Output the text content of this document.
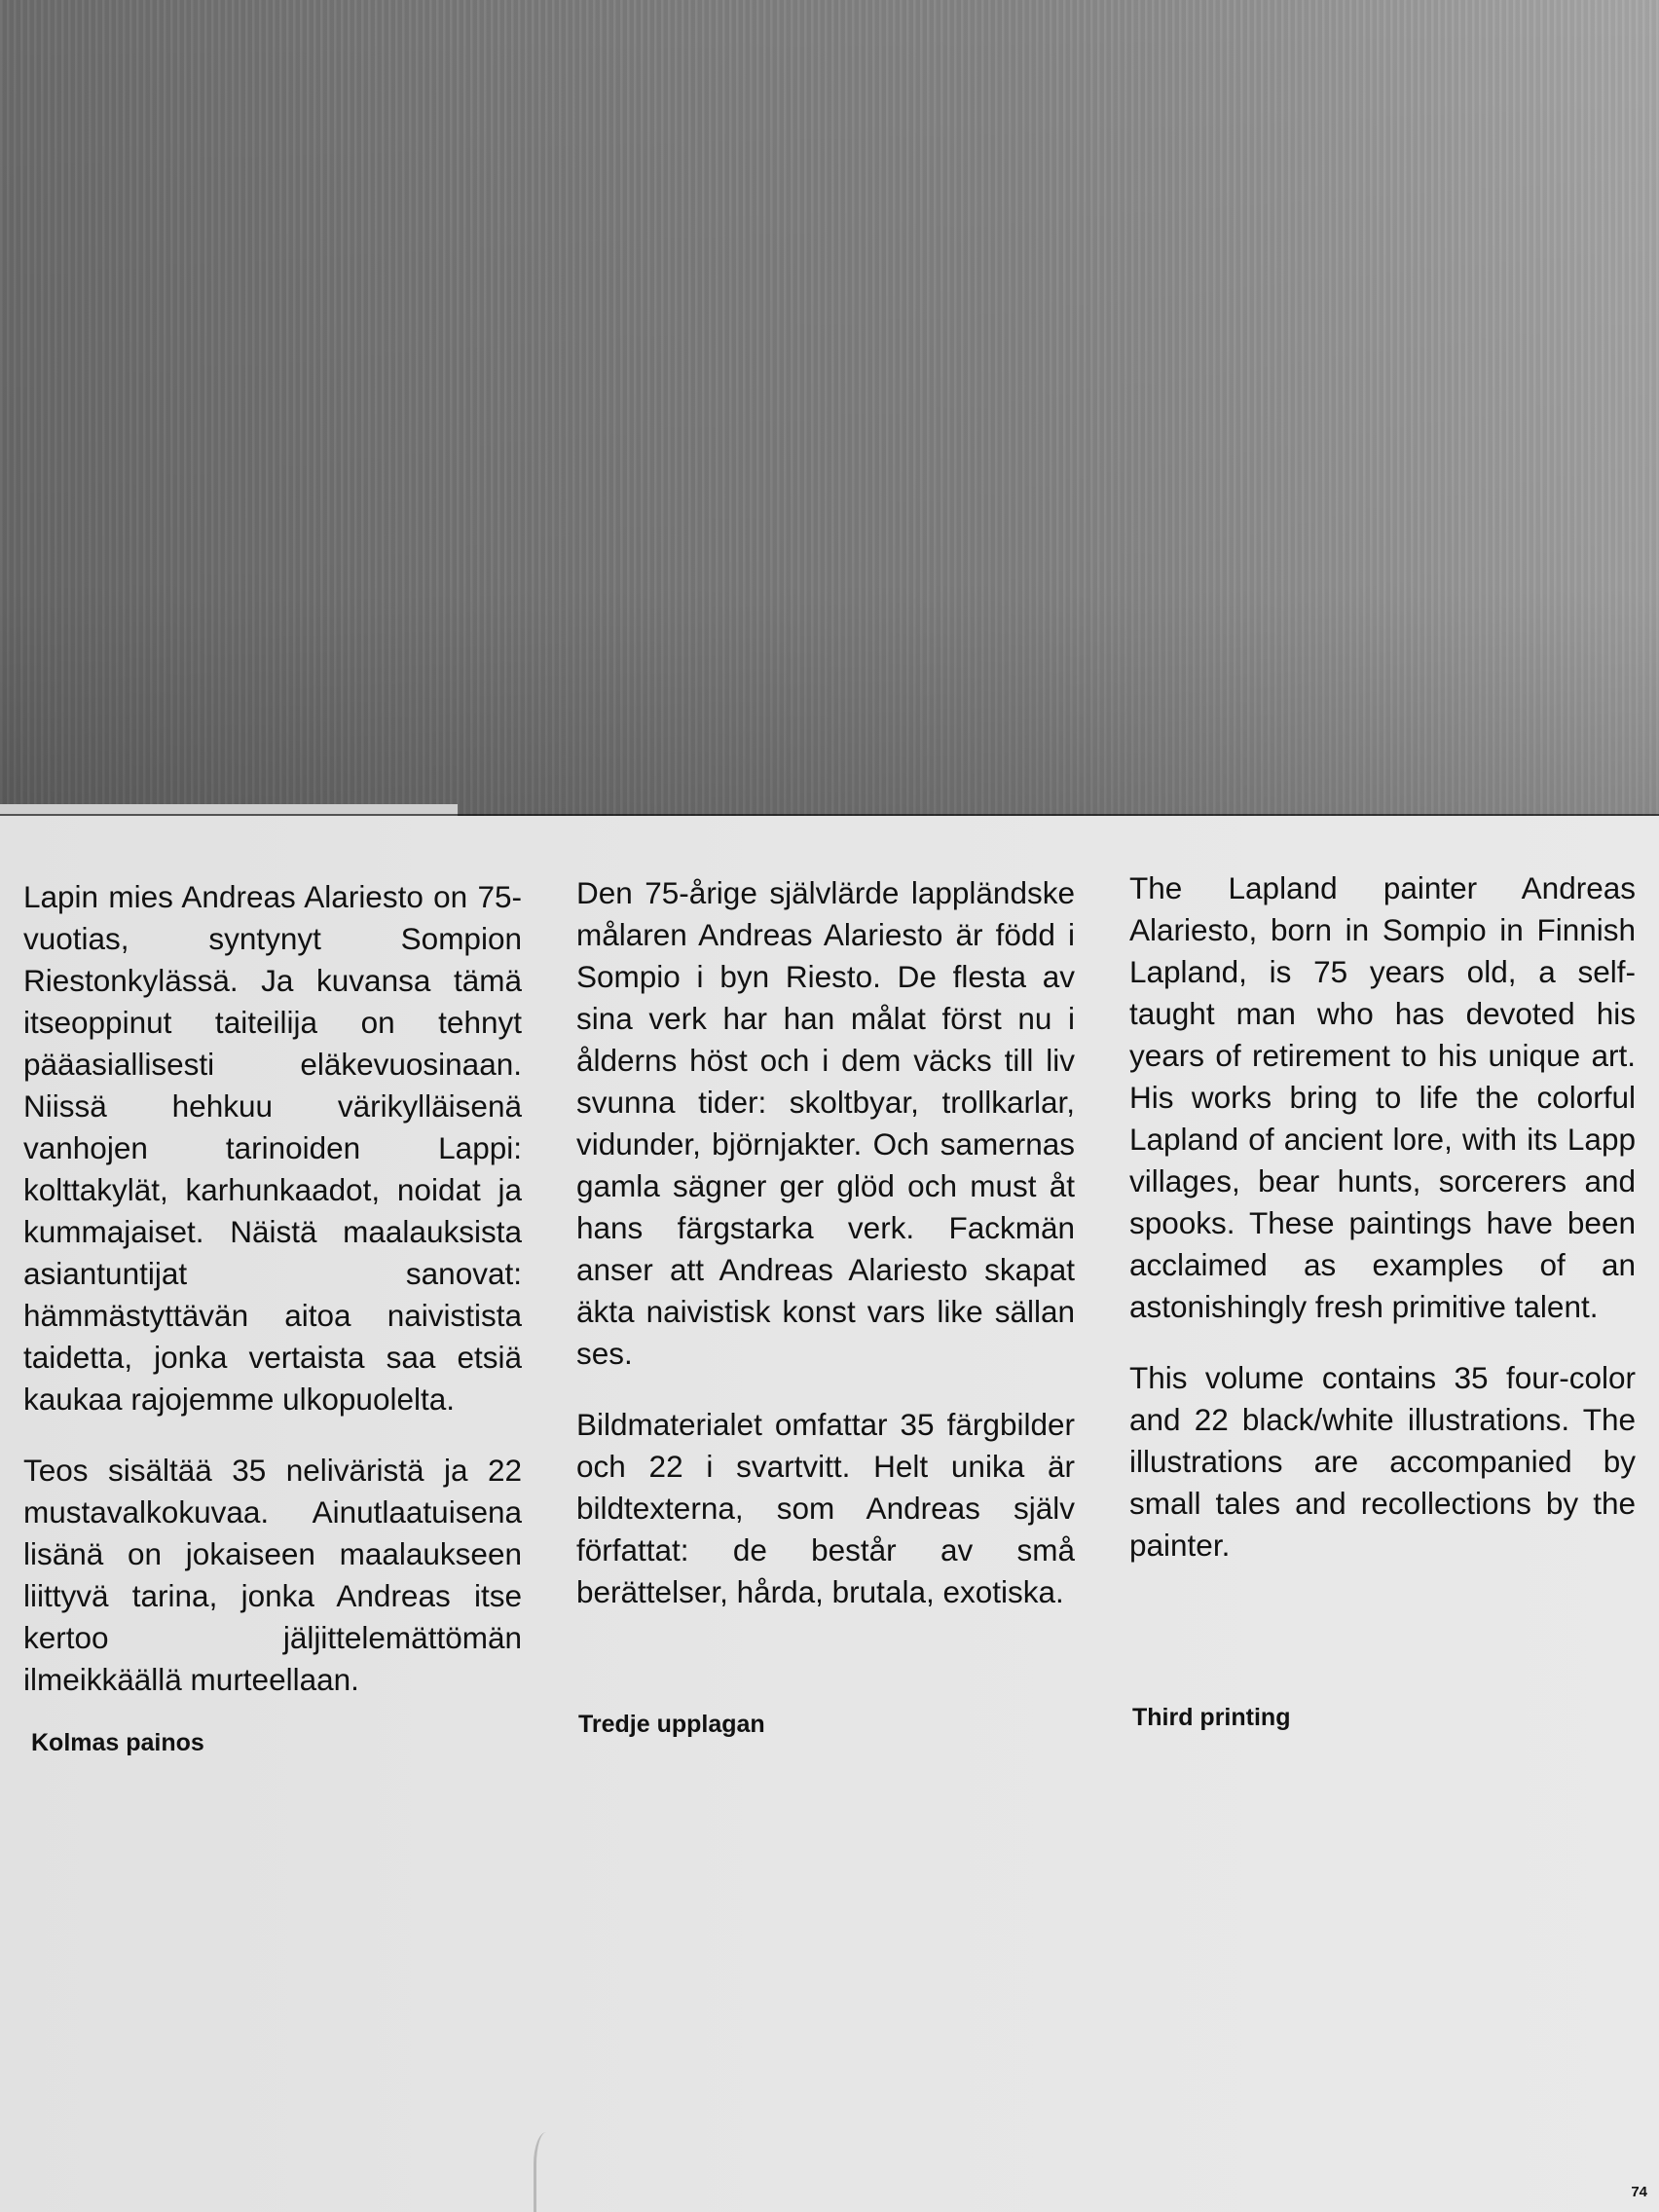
Lapin mies Andreas Alariesto on 75-vuotias, syntynyt Sompion Riestonkylässä. Ja kuvansa tämä itseoppinut taiteilija on tehnyt pääasiallisesti eläkevuosinaan. Niissä hehkuu värikylläisenä vanhojen tarinoiden Lappi: kolttakylät, karhunkaadot, noidat ja kummajaiset. Näistä maalauksista asiantuntijat sanovat: hämmästyttävän aitoa naivistista taidetta, jonka vertaista saa etsiä kaukaa rajojemme ulkopuolelta.

Teos sisältää 35 neliväristä ja 22 mustavalkokuvaa. Ainutlaatuisena lisänä on jokaiseen maalaukseen liittyvä tarina, jonka Andreas itse kertoo jäljittelemättömän ilmeikkäällä murteellaan.

Den 75-årige självlärde lappländske målaren Andreas Alariesto är född i Sompio i byn Riesto. De flesta av sina verk har han målat först nu i ålderns höst och i dem väcks till liv svunna tider: skoltbyar, trollkarlar, vidunder, björnjakter. Och samernas gamla sägner ger glöd och must åt hans färgstarka verk. Fackmän anser att Andreas Alariesto skapat äkta naivistisk konst vars like sällan ses.

Bildmaterialet omfattar 35 färgbilder och 22 i svartvitt. Helt unika är bildtexterna, som Andreas själv författat: de består av små berättelser, hårda, brutala, exotiska.

The Lapland painter Andreas Alariesto, born in Sompio in Finnish Lapland, is 75 years old, a self-taught man who has devoted his years of retirement to his unique art. His works bring to life the colorful Lapland of ancient lore, with its Lapp villages, bear hunts, sorcerers and spooks. These paintings have been acclaimed as examples of an astonishingly fresh primitive talent.

This volume contains 35 four-color and 22 black/white illustrations. The illustrations are accompanied by small tales and recollections by the painter.

Kolmas painos
Tredje upplagan	Third printing
74
